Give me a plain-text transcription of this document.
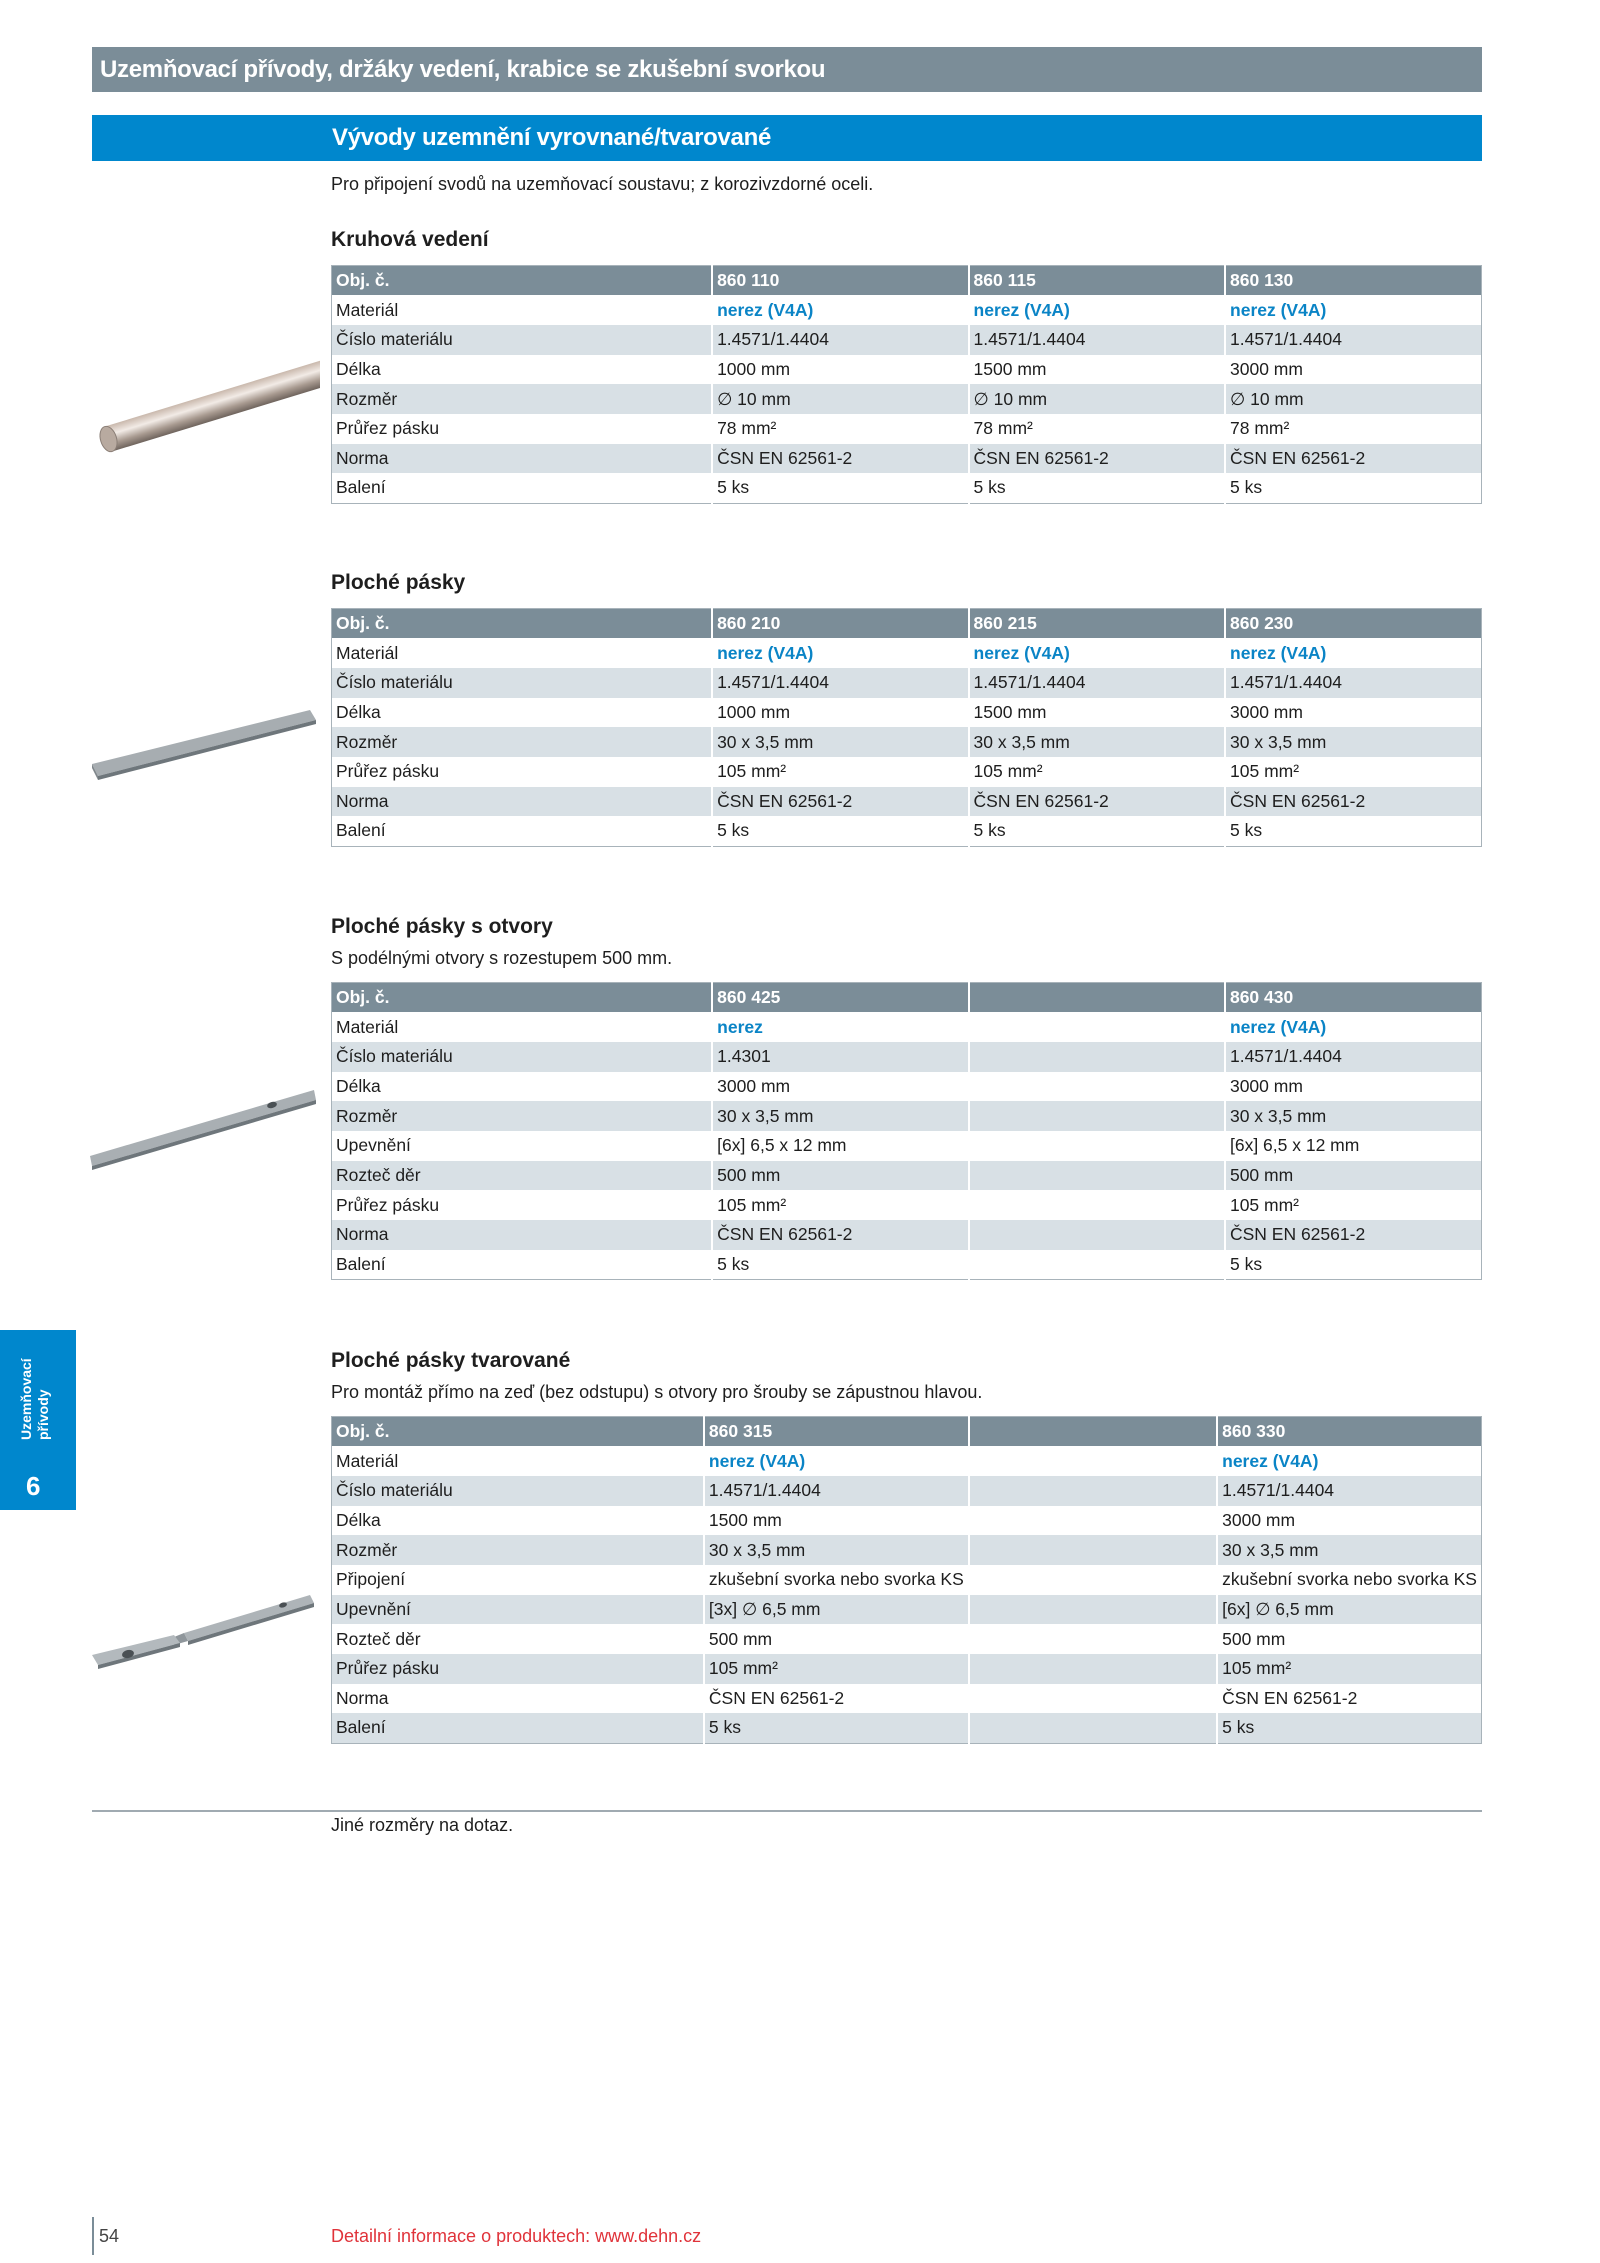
Uzemňovací přívody, držáky vedení, krabice se zkušební svorkou
Vývody uzemnění vyrovnané/tvarované
Pro připojení svodů na uzemňovací soustavu; z korozivzdorné oceli.
Kruhová vedení
Obj. č.	860 110	860 115	860 130
Materiál	nerez (V4A)	nerez (V4A)	nerez (V4A)
Číslo materiálu	1.4571/1.4404	1.4571/1.4404	1.4571/1.4404
Délka	1000 mm	1500 mm	3000 mm
Rozměr	∅ 10 mm	∅ 10 mm	∅ 10 mm
Průřez pásku	78 mm²	78 mm²	78 mm²
Norma	ČSN EN 62561-2	ČSN EN 62561-2	ČSN EN 62561-2
Balení	5 ks	5 ks	5 ks
Ploché pásky
Obj. č.	860 210	860 215	860 230
Materiál	nerez (V4A)	nerez (V4A)	nerez (V4A)
Číslo materiálu	1.4571/1.4404	1.4571/1.4404	1.4571/1.4404
Délka	1000 mm	1500 mm	3000 mm
Rozměr	30 x 3,5 mm	30 x 3,5 mm	30 x 3,5 mm
Průřez pásku	105 mm²	105 mm²	105 mm²
Norma	ČSN EN 62561-2	ČSN EN 62561-2	ČSN EN 62561-2
Balení	5 ks	5 ks	5 ks
Ploché pásky s otvory
S podélnými otvory s rozestupem 500 mm.
Obj. č.	860 425		860 430
Materiál	nerez		nerez (V4A)
Číslo materiálu	1.4301		1.4571/1.4404
Délka	3000 mm		3000 mm
Rozměr	30 x 3,5 mm		30 x 3,5 mm
Upevnění	[6x] 6,5 x 12 mm		[6x] 6,5 x 12 mm
Rozteč děr	500 mm		500 mm
Průřez pásku	105 mm²		105 mm²
Norma	ČSN EN 62561-2		ČSN EN 62561-2
Balení	5 ks		5 ks
Ploché pásky tvarované
Pro montáž přímo na zeď (bez odstupu) s otvory pro šrouby se zápustnou hlavou.
Obj. č.	860 315		860 330
Materiál	nerez (V4A)		nerez (V4A)
Číslo materiálu	1.4571/1.4404		1.4571/1.4404
Délka	1500 mm		3000 mm
Rozměr	30 x 3,5 mm		30 x 3,5 mm
Připojení	zkušební svorka nebo svorka KS		zkušební svorka nebo svorka KS
Upevnění	[3x] ∅ 6,5 mm		[6x] ∅ 6,5 mm
Rozteč děr	500 mm		500 mm
Průřez pásku	105 mm²		105 mm²
Norma	ČSN EN 62561-2		ČSN EN 62561-2
Balení	5 ks		5 ks
Jiné rozměry na dotaz.
Uzemňovací přívody
6
54	Detailní informace o produktech: www.dehn.cz
